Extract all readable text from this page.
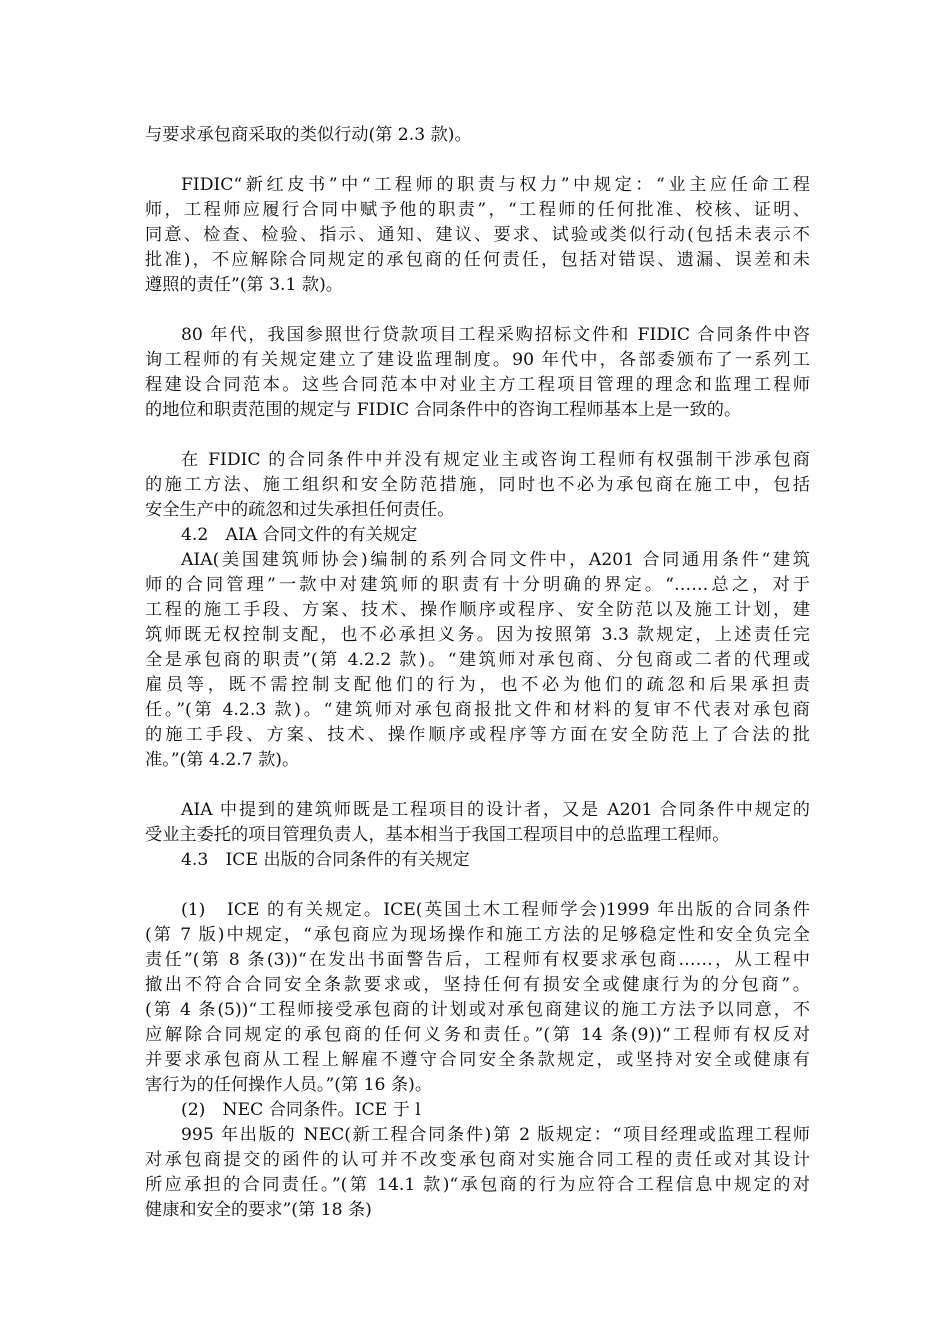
与要求承包商采取的类似行动(第 2.3 款)。
FIDIC“新红皮书”中“工程师的职责与权力”中规定：“业主应任命工程
师，工程师应履行合同中赋予他的职责”，“工程师的任何批准、校核、证明、
同意、检查、检验、指示、通知、建议、要求、试验或类似行动(包括未表示不
批准)，不应解除合同规定的承包商的任何责任，包括对错误、遗漏、误差和未
遵照的责任”(第 3.1 款)。
80 年代，我国参照世行贷款项目工程采购招标文件和 FIDIC 合同条件中咨
询工程师的有关规定建立了建设监理制度。90 年代中，各部委颁布了一系列工
程建设合同范本。这些合同范本中对业主方工程项目管理的理念和监理工程师
的地位和职责范围的规定与 FIDIC 合同条件中的咨询工程师基本上是一致的。
在 FIDIC 的合同条件中并没有规定业主或咨询工程师有权强制干涉承包商
的施工方法、施工组织和安全防范措施，同时也不必为承包商在施工中，包括
安全生产中的疏忽和过失承担任何责任。
4.2　AIA 合同文件的有关规定
AIA(美国建筑师协会)编制的系列合同文件中，A201 合同通用条件“建筑
师的合同管理”一款中对建筑师的职责有十分明确的界定。“……总之，对于
工程的施工手段、方案、技术、操作顺序或程序、安全防范以及施工计划，建
筑师既无权控制支配，也不必承担义务。因为按照第 3.3 款规定，上述责任完
全是承包商的职责”(第 4.2.2 款)。“建筑师对承包商、分包商或二者的代理或
雇员等，既不需控制支配他们的行为，也不必为他们的疏忽和后果承担责
任。”(第 4.2.3 款)。“建筑师对承包商报批文件和材料的复审不代表对承包商
的施工手段、方案、技术、操作顺序或程序等方面在安全防范上了合法的批
准。”(第 4.2.7 款)。
AIA 中提到的建筑师既是工程项目的设计者，又是 A201 合同条件中规定的
受业主委托的项目管理负责人，基本相当于我国工程项目中的总监理工程师。
4.3　ICE 出版的合同条件的有关规定
(1)　ICE 的有关规定。ICE(英国土木工程师学会)1999 年出版的合同条件
(第 7 版)中规定，“承包商应为现场操作和施工方法的足够稳定性和安全负完全
责任”(第 8 条(3))“在发出书面警告后，工程师有权要求承包商……，从工程中
撤出不符合合同安全条款要求或，坚持任何有损安全或健康行为的分包商”。
(第 4 条(5))“工程师接受承包商的计划或对承包商建议的施工方法予以同意，不
应解除合同规定的承包商的任何义务和责任。”(第 14 条(9))“工程师有权反对
并要求承包商从工程上解雇不遵守合同安全条款规定，或坚持对安全或健康有
害行为的任何操作人员。”(第 16 条)。
(2)　NEC 合同条件。ICE 于 l
995 年出版的 NEC(新工程合同条件)第 2 版规定：“项目经理或监理工程师
对承包商提交的函件的认可并不改变承包商对实施合同工程的责任或对其设计
所应承担的合同责任。”(第 14.1 款)“承包商的行为应符合工程信息中规定的对
健康和安全的要求”(第 18 条)
